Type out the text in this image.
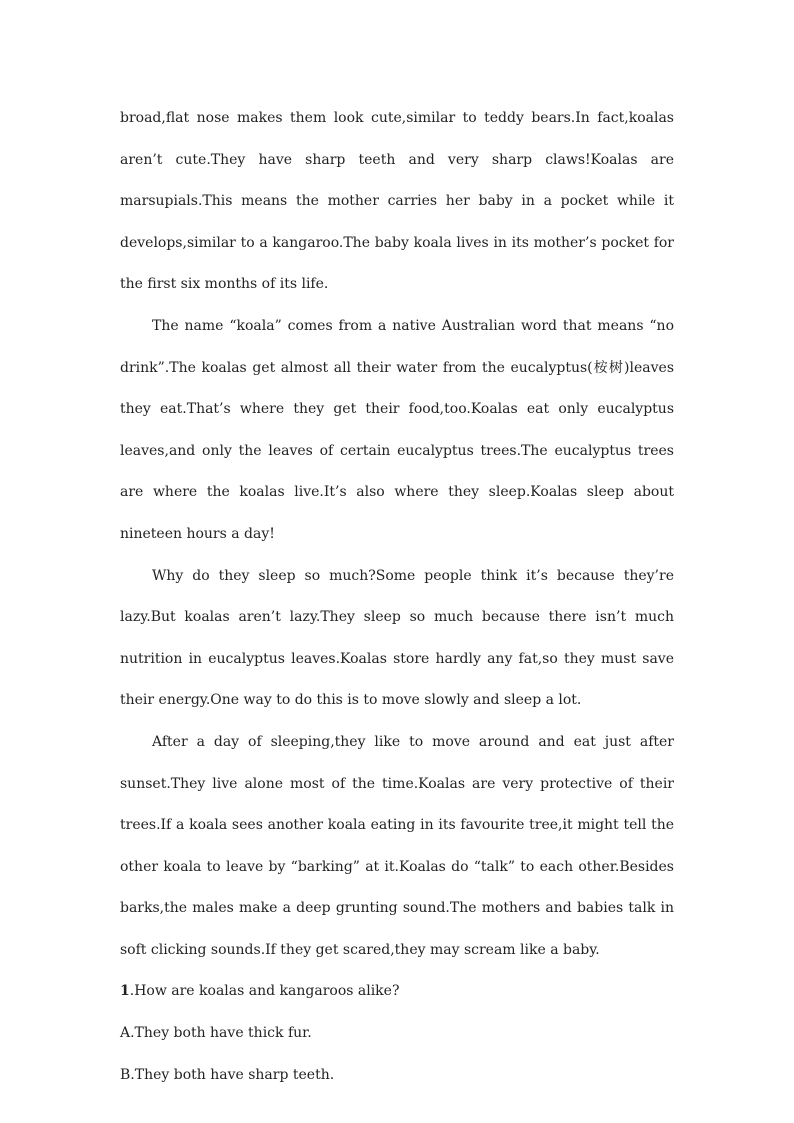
broad,flat nose makes them look cute,similar to teddy bears.In fact,koalas aren’t cute.They have sharp teeth and very sharp claws!Koalas are marsupials.This means the mother carries her baby in a pocket while it develops,similar to a kangaroo.The baby koala lives in its mother’s pocket for the first six months of its life.

The name “koala” comes from a native Australian word that means “no drink”.The koalas get almost all their water from the eucalyptus(桉树)leaves they eat.That’s where they get their food,too.Koalas eat only eucalyptus leaves,and only the leaves of certain eucalyptus trees.The eucalyptus trees are where the koalas live.It’s also where they sleep.Koalas sleep about nineteen hours a day!

Why do they sleep so much?Some people think it’s because they’re lazy.But koalas aren’t lazy.They sleep so much because there isn’t much nutrition in eucalyptus leaves.Koalas store hardly any fat,so they must save their energy.One way to do this is to move slowly and sleep a lot.

After a day of sleeping,they like to move around and eat just after sunset.They live alone most of the time.Koalas are very protective of their trees.If a koala sees another koala eating in its favourite tree,it might tell the other koala to leave by “barking” at it.Koalas do “talk” to each other.Besides barks,the males make a deep grunting sound.The mothers and babies talk in soft clicking sounds.If they get scared,they may scream like a baby.

1.How are koalas and kangaroos alike?

A.They both have thick fur.

B.They both have sharp teeth.
